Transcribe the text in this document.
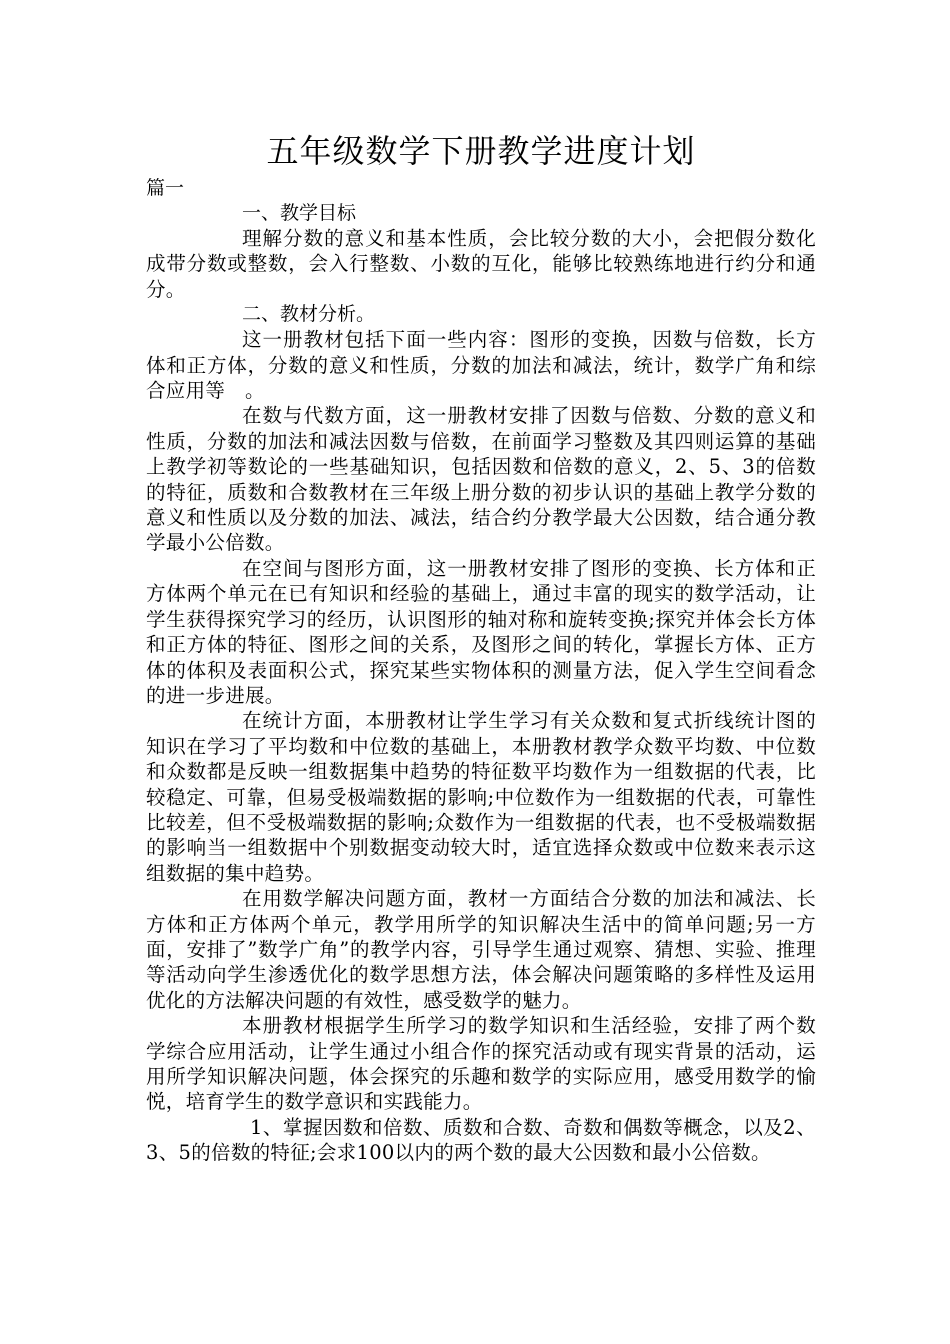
五年级数学下册教学进度计划

篇一

一、教学目标

理解分数的意义和基本性质，会比较分数的大小，会把假分数化成带分数或整数，会入行整数、小数的互化，能够比较熟练地进行约分和通分。

二、教材分析。

这一册教材包括下面一些内容：图形的变换，因数与倍数，长方体和正方体，分数的意义和性质，分数的加法和减法，统计，数学广角和综合应用等　。

在数与代数方面，这一册教材安排了因数与倍数、分数的意义和性质，分数的加法和减法因数与倍数，在前面学习整数及其四则运算的基础上教学初等数论的一些基础知识，包括因数和倍数的意义，2、5、3的倍数的特征，质数和合数教材在三年级上册分数的初步认识的基础上教学分数的意义和性质以及分数的加法、减法，结合约分教学最大公因数，结合通分教学最小公倍数。

在空间与图形方面，这一册教材安排了图形的变换、长方体和正方体两个单元在已有知识和经验的基础上，通过丰富的现实的数学活动，让学生获得探究学习的经历，认识图形的轴对称和旋转变换;探究并体会长方体和正方体的特征、图形之间的关系，及图形之间的转化，掌握长方体、正方体的体积及表面积公式，探究某些实物体积的测量方法，促入学生空间看念的进一步进展。

在统计方面，本册教材让学生学习有关众数和复式折线统计图的知识在学习了平均数和中位数的基础上，本册教材教学众数平均数、中位数和众数都是反映一组数据集中趋势的特征数平均数作为一组数据的代表，比较稳定、可靠，但易受极端数据的影响;中位数作为一组数据的代表，可靠性比较差，但不受极端数据的影响;众数作为一组数据的代表，也不受极端数据的影响当一组数据中个别数据变动较大时，适宜选择众数或中位数来表示这组数据的集中趋势。

在用数学解决问题方面，教材一方面结合分数的加法和减法、长方体和正方体两个单元，教学用所学的知识解决生活中的简单问题;另一方面，安排了”数学广角”的教学内容，引导学生通过观察、猜想、实验、推理等活动向学生渗透优化的数学思想方法，体会解决问题策略的多样性及运用优化的方法解决问题的有效性，感受数学的魅力。

本册教材根据学生所学习的数学知识和生活经验，安排了两个数学综合应用活动，让学生通过小组合作的探究活动或有现实背景的活动，运用所学知识解决问题，体会探究的乐趣和数学的实际应用，感受用数学的愉悦，培育学生的数学意识和实践能力。

1、掌握因数和倍数、质数和合数、奇数和偶数等概念，以及2、3、5的倍数的特征;会求100以内的两个数的最大公因数和最小公倍数。
